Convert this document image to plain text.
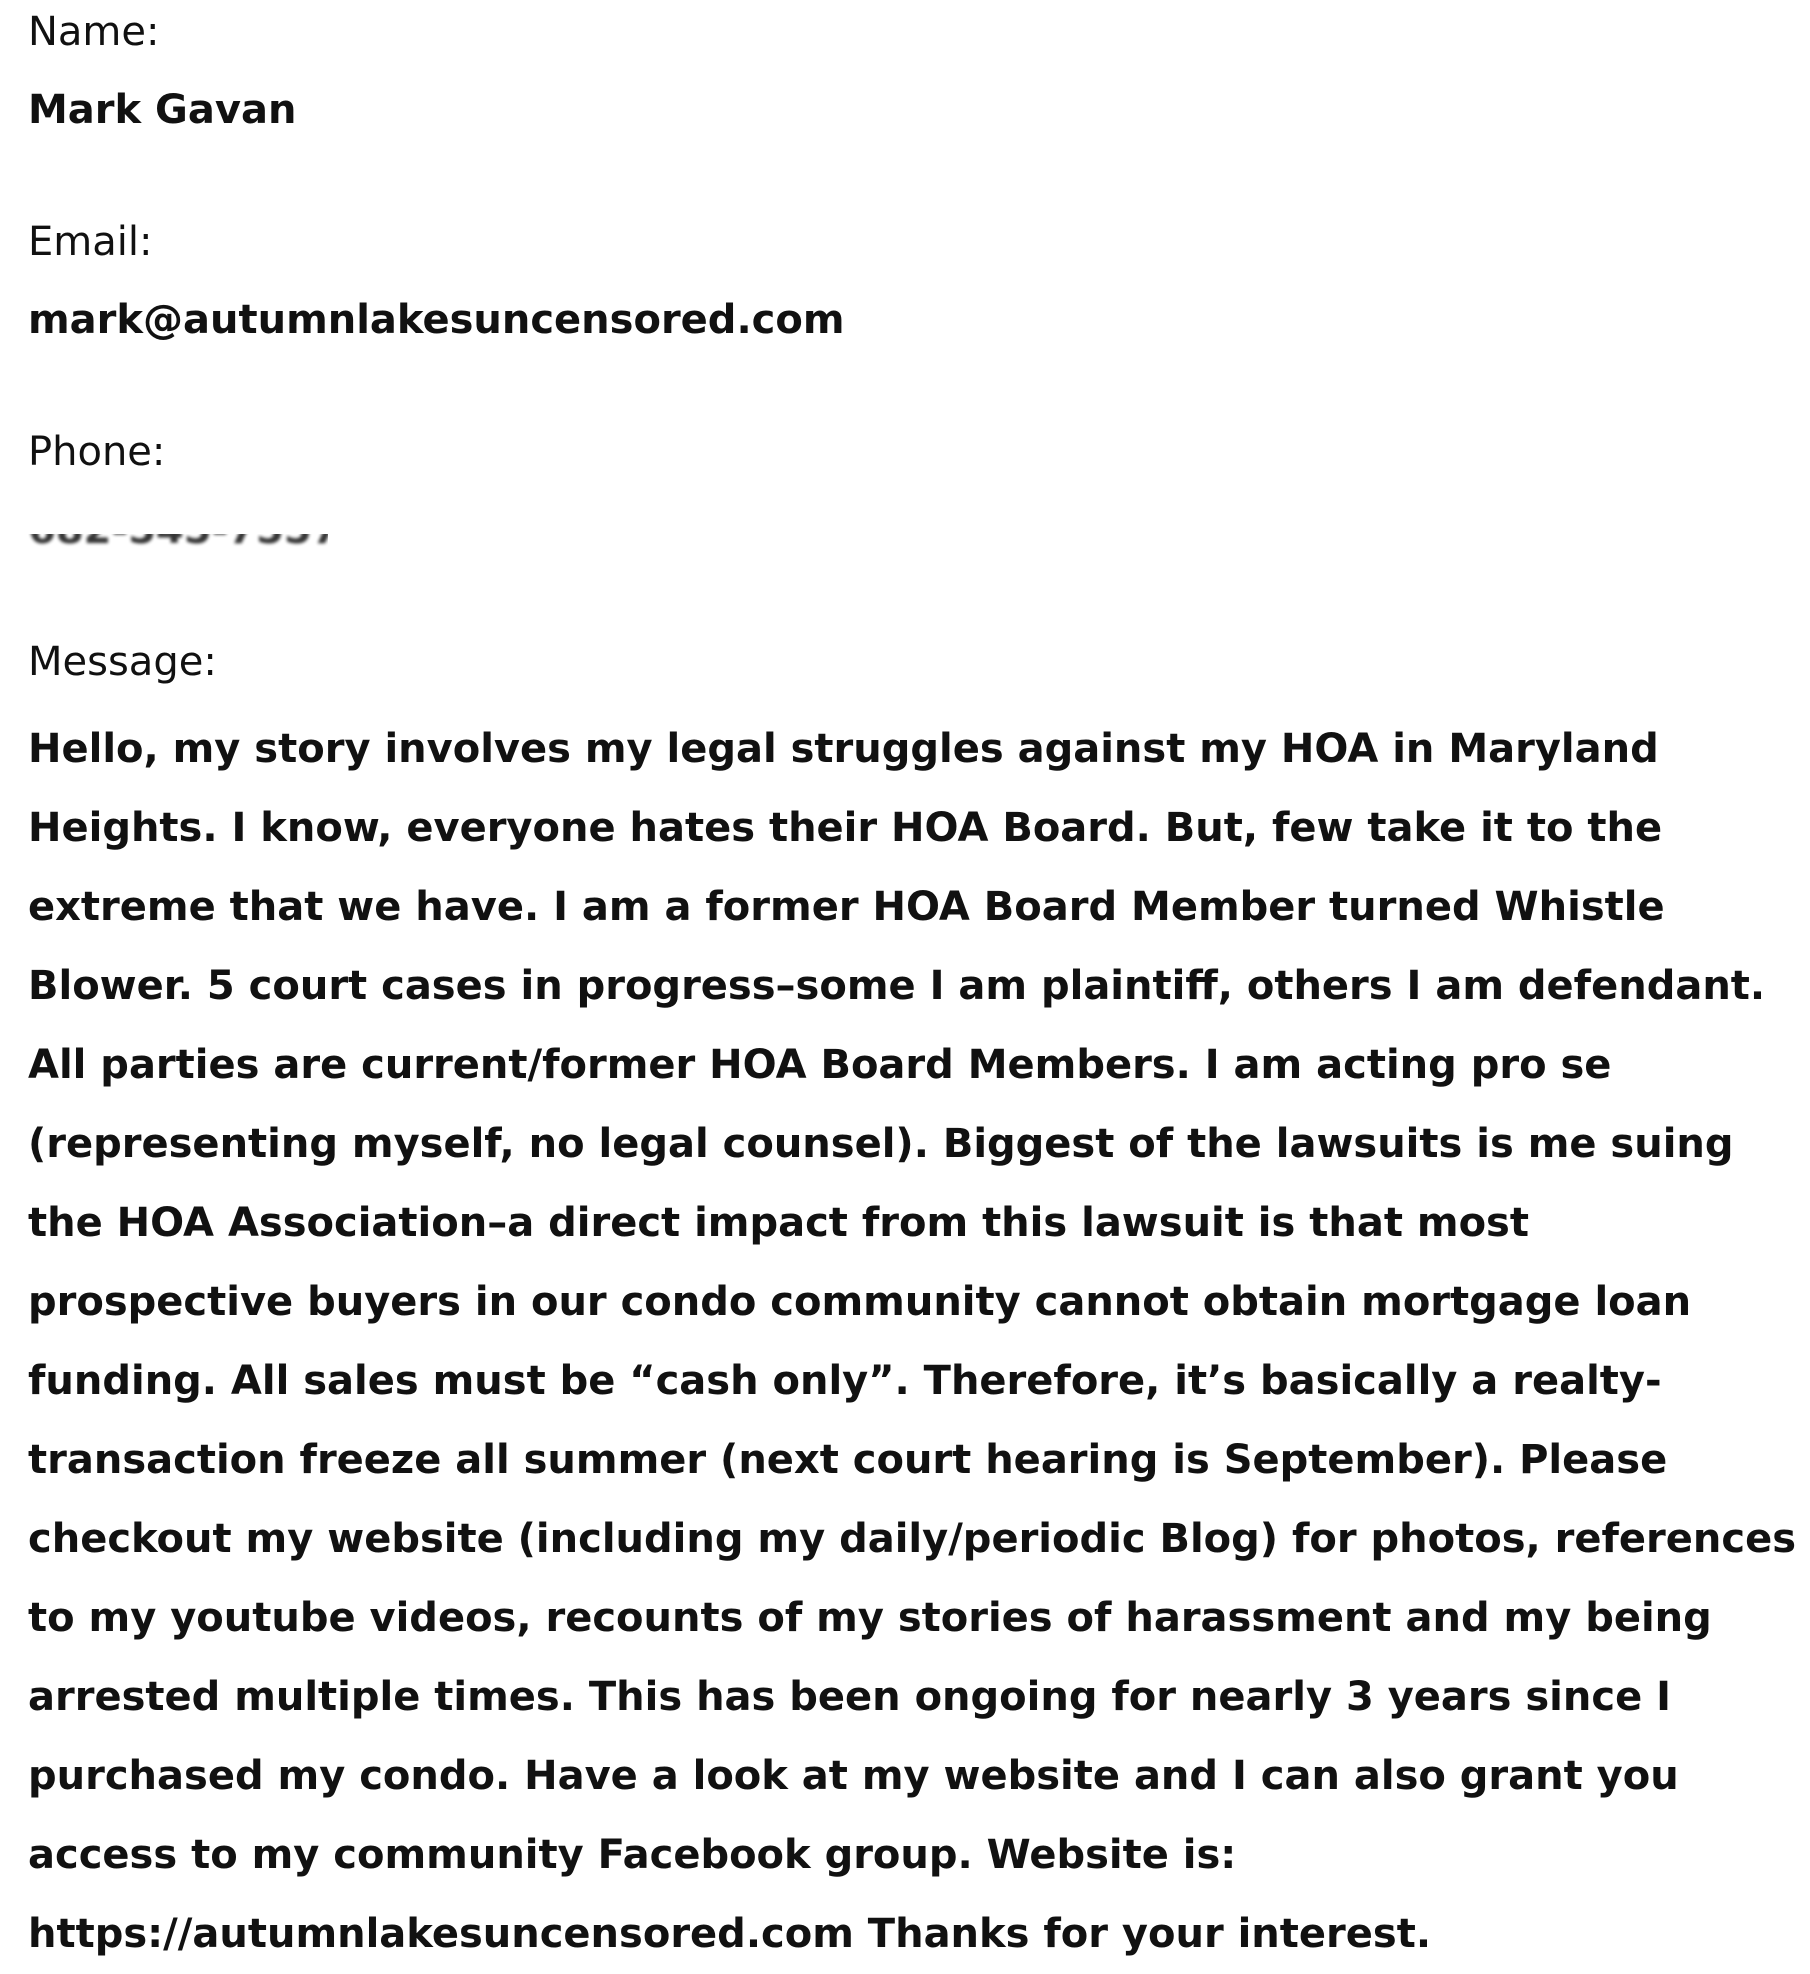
Name:
Mark Gavan
Email:
mark@autumnlakesuncensored.com
Phone:
Message:
Hello, my story involves my legal struggles against my HOA in Maryland Heights. I know, everyone hates their HOA Board. But, few take it to the extreme that we have. I am a former HOA Board Member turned Whistle Blower. 5 court cases in progress–some I am plaintiff, others I am defendant. All parties are current/former HOA Board Members. I am acting pro se (representing myself, no legal counsel). Biggest of the lawsuits is me suing the HOA Association–a direct impact from this lawsuit is that most prospective buyers in our condo community cannot obtain mortgage loan funding. All sales must be “cash only”. Therefore, it’s basically a realty-transaction freeze all summer (next court hearing is September). Please checkout my website (including my daily/periodic Blog) for photos, references to my youtube videos, recounts of my stories of harassment and my being arrested multiple times. This has been ongoing for nearly 3 years since I purchased my condo. Have a look at my website and I can also grant you access to my community Facebook group. Website is: https://autumnlakesuncensored.com Thanks for your interest.
